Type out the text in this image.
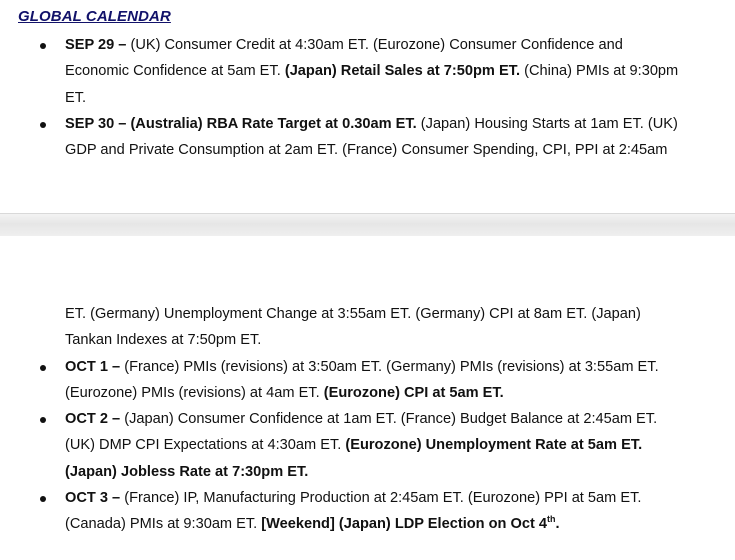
GLOBAL CALENDAR
SEP 29 – (UK) Consumer Credit at 4:30am ET. (Eurozone) Consumer Confidence and
Economic Confidence at 5am ET. (Japan) Retail Sales at 7:50pm ET. (China) PMIs at 9:30pm
ET.
SEP 30 – (Australia) RBA Rate Target at 0.30am ET. (Japan) Housing Starts at 1am ET. (UK)
GDP and Private Consumption at 2am ET. (France) Consumer Spending, CPI, PPI at 2:45am
ET. (Germany) Unemployment Change at 3:55am ET. (Germany) CPI at 8am ET. (Japan)
Tankan Indexes at 7:50pm ET.
OCT 1 – (France) PMIs (revisions) at 3:50am ET. (Germany) PMIs (revisions) at 3:55am ET.
(Eurozone) PMIs (revisions) at 4am ET. (Eurozone) CPI at 5am ET.
OCT 2 – (Japan) Consumer Confidence at 1am ET. (France) Budget Balance at 2:45am ET.
(UK) DMP CPI Expectations at 4:30am ET. (Eurozone) Unemployment Rate at 5am ET.
(Japan) Jobless Rate at 7:30pm ET.
OCT 3 – (France) IP, Manufacturing Production at 2:45am ET. (Eurozone) PPI at 5am ET.
(Canada) PMIs at 9:30am ET. [Weekend] (Japan) LDP Election on Oct 4th.
